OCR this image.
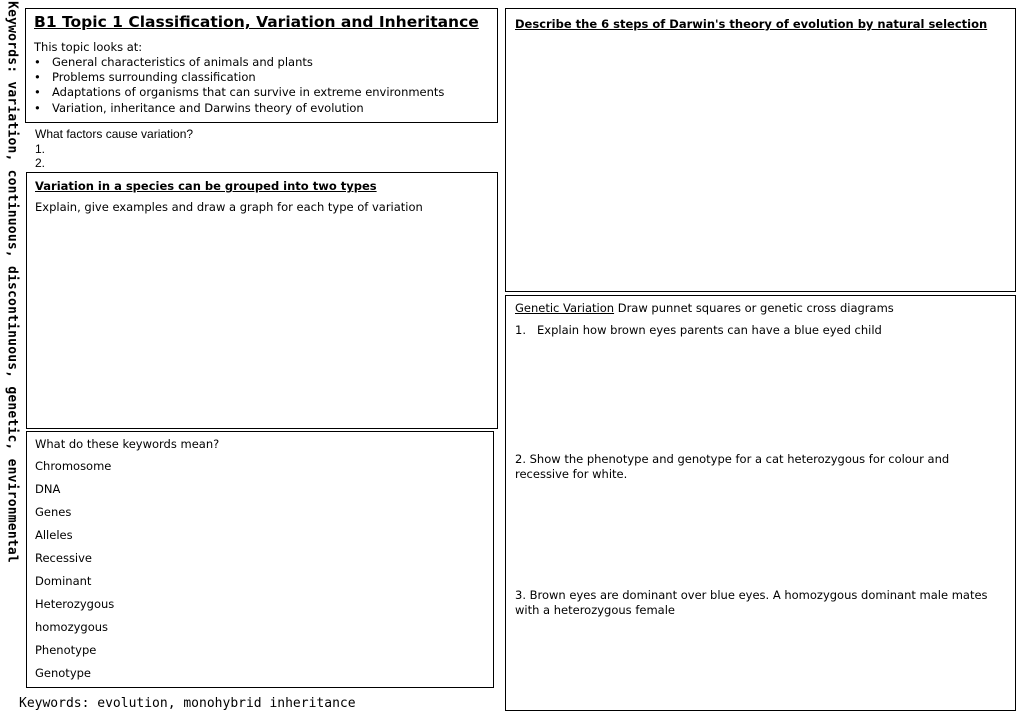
Keywords: variation, continuous, discontinuous, genetic, environmental B1 Topic 1 Classification, Variation and Inheritance
This topic looks at:
• General characteristics of animals and plants
• Problems surrounding classification
• Adaptations of organisms that can survive in extreme environments
• Variation, inheritance and Darwins theory of evolution
What factors cause variation?
1.
2.
Variation in a species can be grouped into two types
Explain, give examples and draw a graph for each type of variation
What do these keywords mean?
Chromosome
DNA
Genes
Alleles
Recessive
Dominant
Heterozygous
homozygous
Phenotype
Genotype
Keywords: evolution, monohybrid inheritance
Describe the 6 steps of Darwin's theory of evolution by natural selection
Genetic Variation Draw punnet squares or genetic cross diagrams
1. Explain how brown eyes parents can have a blue eyed child
2. Show the phenotype and genotype for a cat heterozygous for colour and recessive for white.
3. Brown eyes are dominant over blue eyes. A homozygous dominant male mates with a heterozygous female
